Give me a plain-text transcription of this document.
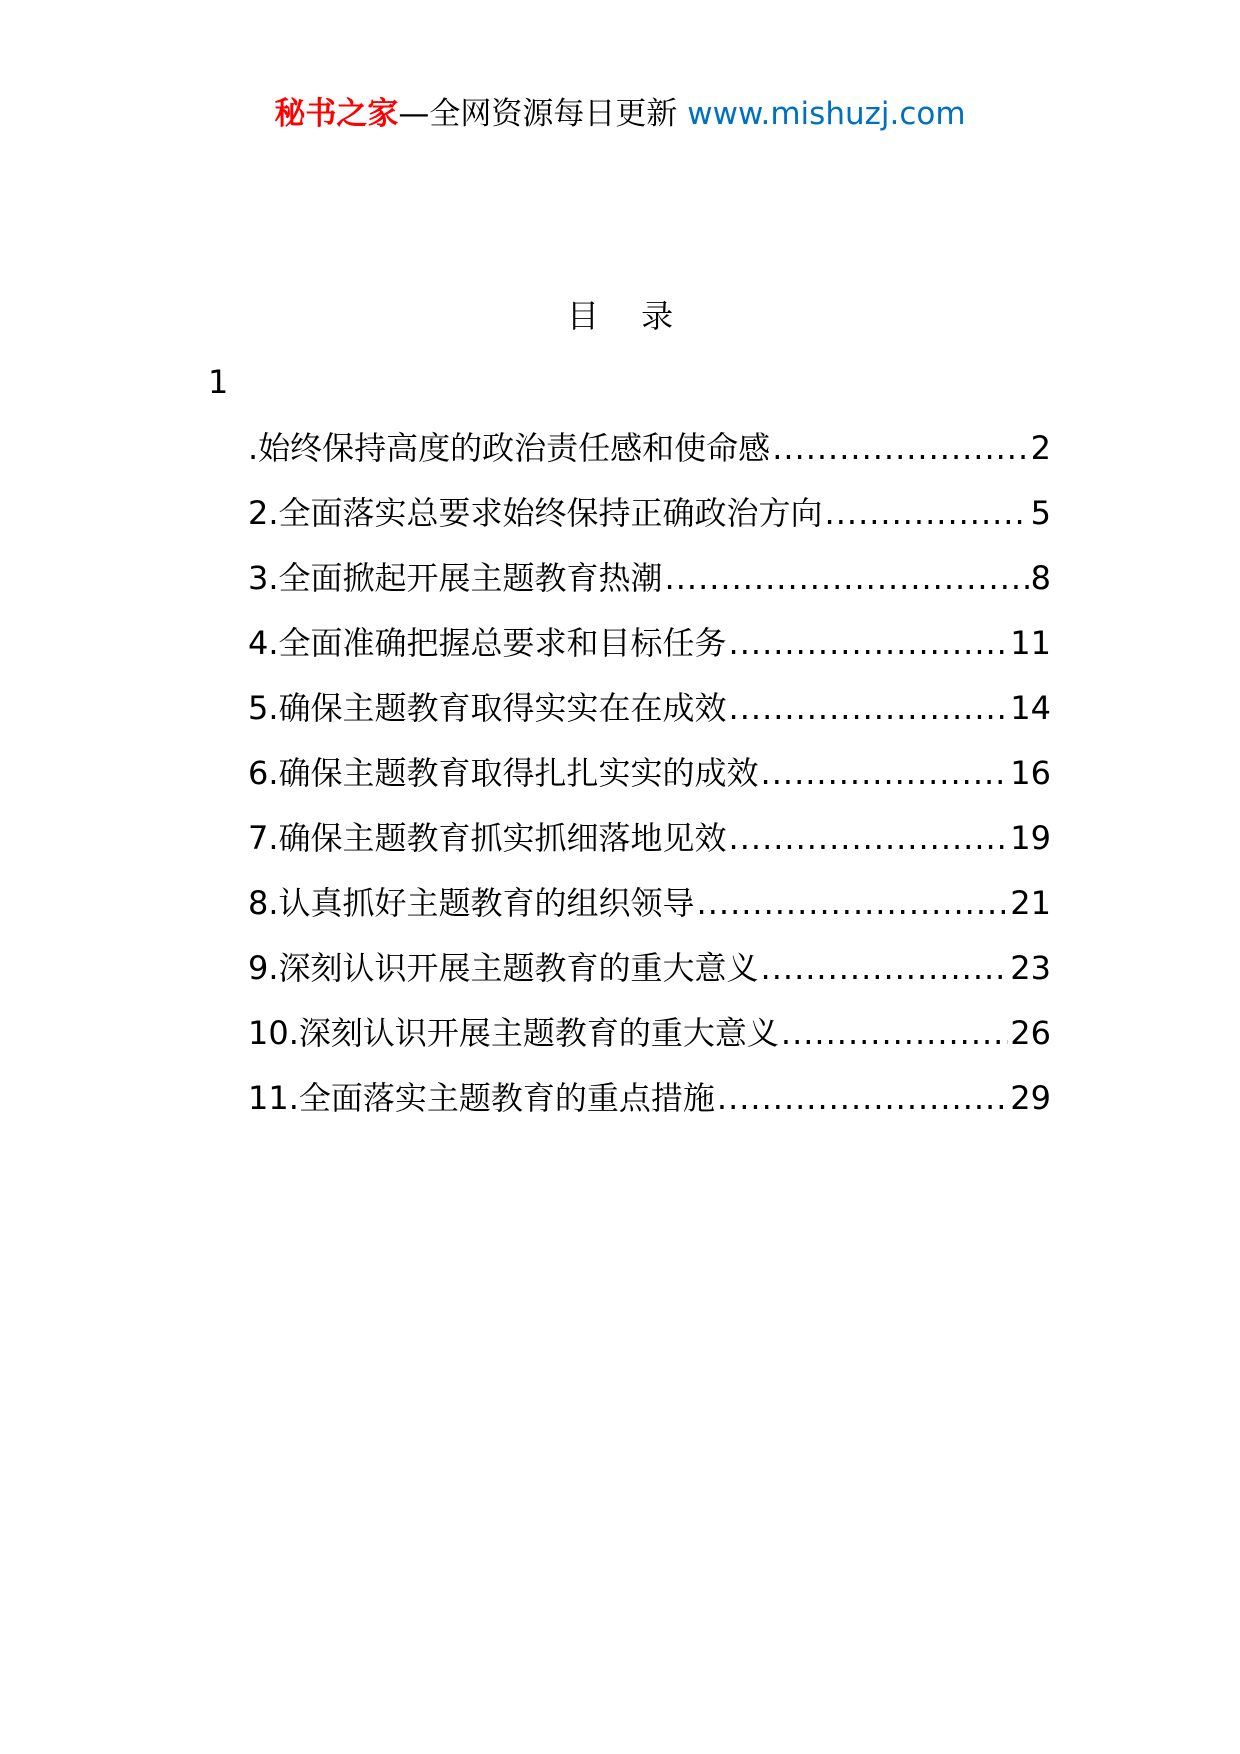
秘书之家—全网资源每日更新 www.mishuzj.com
目 录
1
.始终保持高度的政治责任感和使命感 .....	2
2.全面落实总要求始终保持正确政治方向 .....	5
3.全面掀起开展主题教育热潮 .....	8
4.全面准确把握总要求和目标任务 .....	11
5.确保主题教育取得实实在在成效 .....	14
6.确保主题教育取得扎扎实实的成效 .....	16
7.确保主题教育抓实抓细落地见效 .....	19
8.认真抓好主题教育的组织领导 .....	21
9.深刻认识开展主题教育的重大意义 .....	23
10.深刻认识开展主题教育的重大意义 .....	26
11.全面落实主题教育的重点措施 .....	29
